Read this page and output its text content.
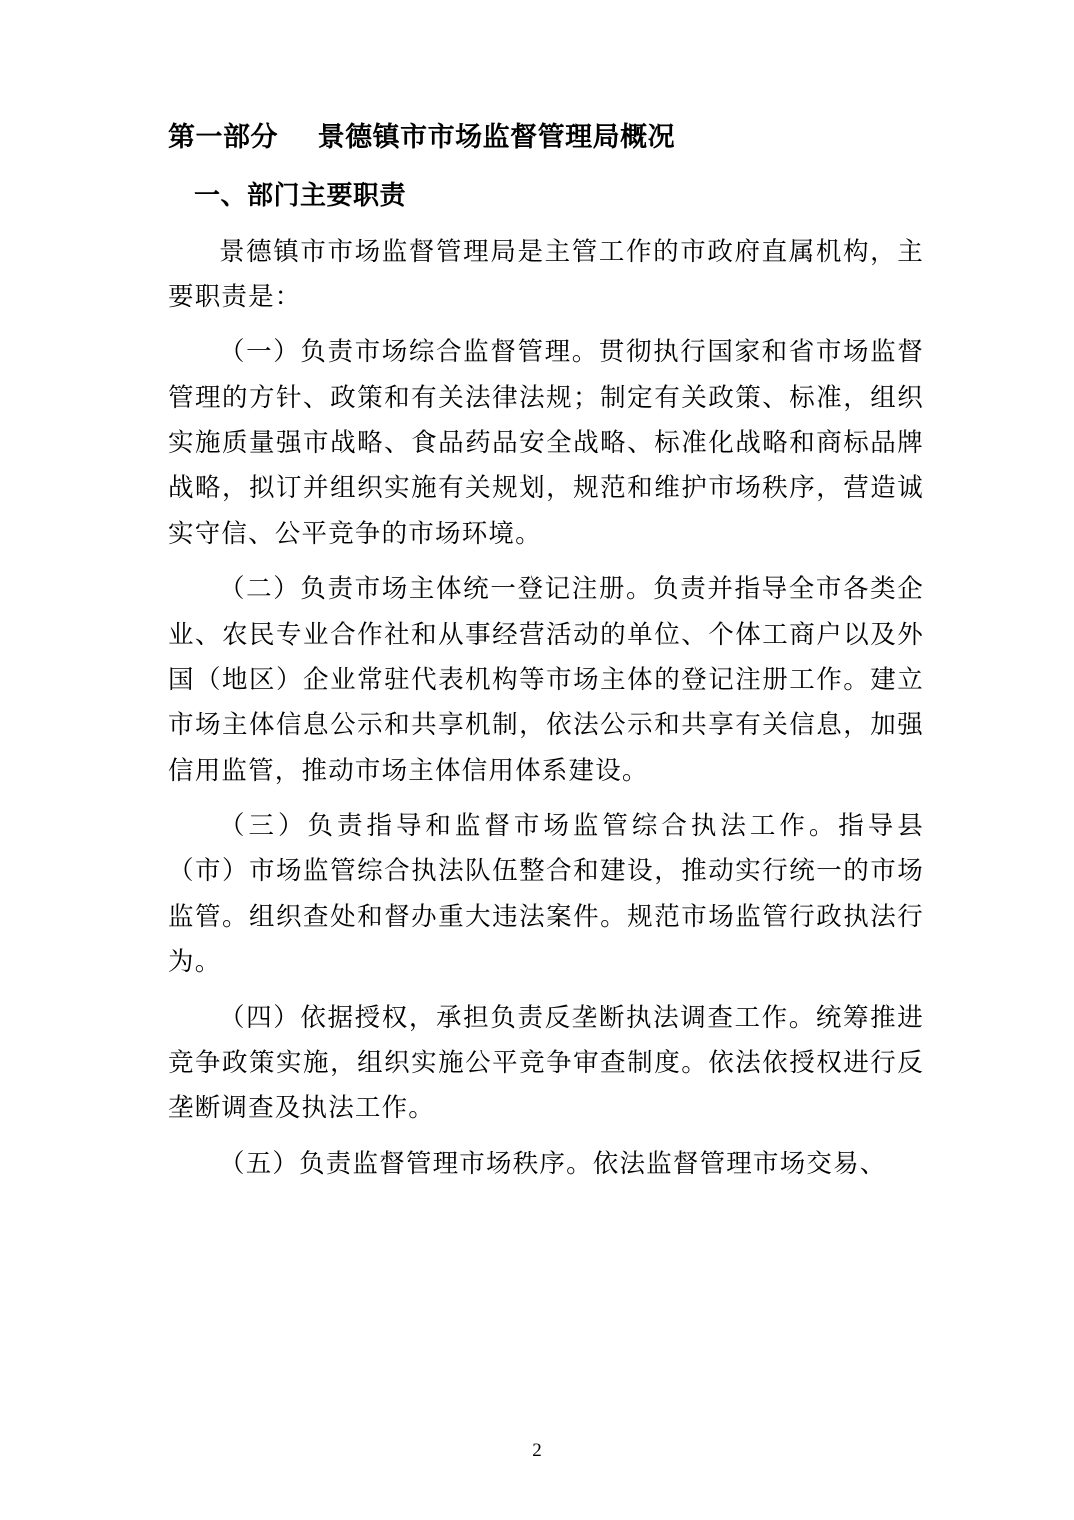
第一部分    景德镇市市场监督管理局概况
一、部门主要职责

景德镇市市场监督管理局是主管工作的市政府直属机构，主要职责是：

（一）负责市场综合监督管理。贯彻执行国家和省市场监督管理的方针、政策和有关法律法规；制定有关政策、标准，组织实施质量强市战略、食品药品安全战略、标准化战略和商标品牌战略，拟订并组织实施有关规划，规范和维护市场秩序，营造诚实守信、公平竞争的市场环境。

（二）负责市场主体统一登记注册。负责并指导全市各类企业、农民专业合作社和从事经营活动的单位、个体工商户以及外国（地区）企业常驻代表机构等市场主体的登记注册工作。建立市场主体信息公示和共享机制，依法公示和共享有关信息，加强信用监管，推动市场主体信用体系建设。

（三）负责指导和监督市场监管综合执法工作。指导县（市）市场监管综合执法队伍整合和建设，推动实行统一的市场监管。组织查处和督办重大违法案件。规范市场监管行政执法行为。

（四）依据授权，承担负责反垄断执法调查工作。统筹推进竞争政策实施，组织实施公平竞争审查制度。依法依授权进行反垄断调查及执法工作。

（五）负责监督管理市场秩序。依法监督管理市场交易、

2
